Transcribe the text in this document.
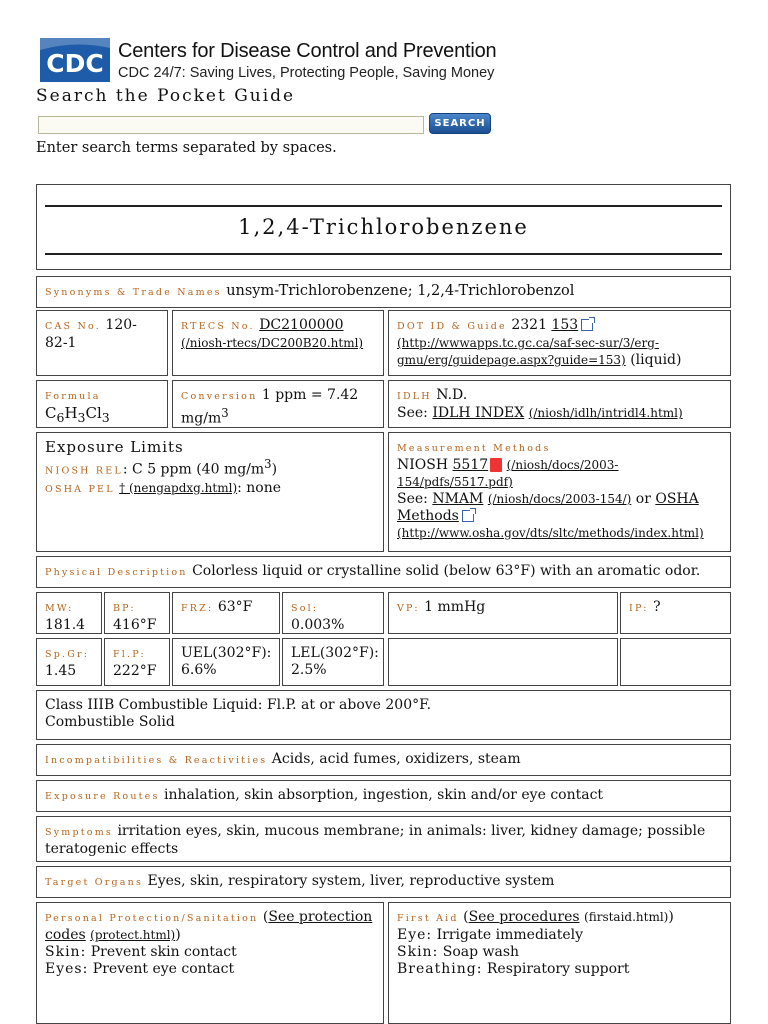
CDC Centers for Disease Control and Prevention
CDC 24/7: Saving Lives, Protecting People, Saving Money
Search the Pocket Guide
SEARCH
Enter search terms separated by spaces.
1,2,4-Trichlorobenzene
Synonyms & Trade Names unsym-Trichlorobenzene; 1,2,4-Trichlorobenzol
CAS No. 120-82-1
RTECS No. DC2100000
(/niosh-rtecs/DC200B20.html)
DOT ID & Guide 2321 153
(http://wwwapps.tc.gc.ca/saf-sec-sur/3/erg-gmu/erg/guidepage.aspx?guide=153) (liquid)
Formula $C_6H_3Cl_3$
Conversion 1 ppm = 7.42 $mg/m^3$
IDLH N.D.
See: IDLH INDEX (/niosh/idlh/intridl4.html)
Exposure Limits
NIOSH REL: C 5 ppm (40 $mg/m^3$)
OSHA PEL † (nengapdxg.html): none
Measurement Methods
NIOSH 5517 (/niosh/docs/2003-154/pdfs/5517.pdf)
See: NMAM (/niosh/docs/2003-154/) or OSHA Methods
(http://www.osha.gov/dts/sltc/methods/index.html)
Physical Description Colorless liquid or crystalline solid (below 63°F) with an aromatic odor.
MW:
181.4
BP:
416°F
FRZ: 63°F	Sol: 0.003%
VP: 1 mmHg	IP: ?
Sp.Gr:
1.45
Fl.P:
222°F
UEL(302°F): 6.6%
LEL(302°F): 2.5%
Class IIIB Combustible Liquid: Fl.P. at or above 200°F.
Combustible Solid
Incompatibilities & Reactivities Acids, acid fumes, oxidizers, steam
Exposure Routes inhalation, skin absorption, ingestion, skin and/or eye contact
Symptoms irritation eyes, skin, mucous membrane; in animals: liver, kidney damage; possible teratogenic effects
Target Organs Eyes, skin, respiratory system, liver, reproductive system
Personal Protection/Sanitation (See protection codes (protect.html))
Skin: Prevent skin contact
Eyes: Prevent eye contact
First Aid (See procedures (firstaid.html))
Eye: Irrigate immediately
Skin: Soap wash
Breathing: Respiratory support
